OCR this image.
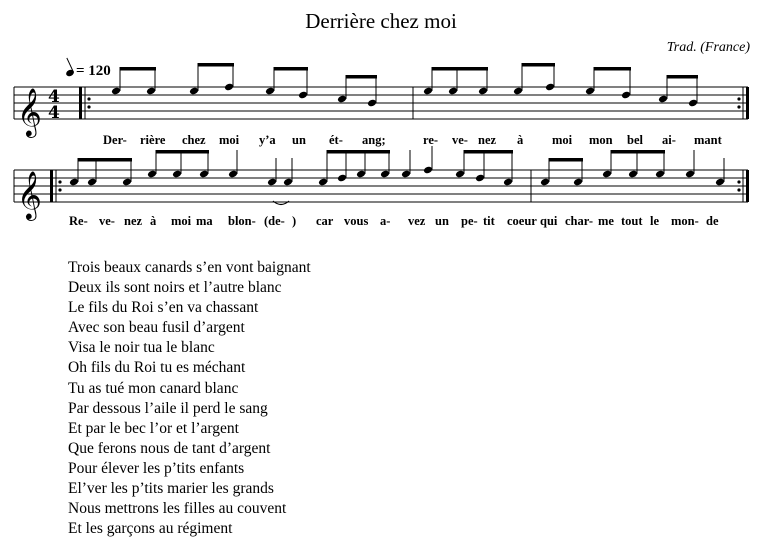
Derrière chez moi
Trad. (France)
= 120
𝄞 4
4
Der- rière chez moi y’a un ét- ang;	re- ve- nez à moi mon bel ai- mant
𝄞
Re- ve- nez à moi ma blon- (de- ) car vous a- vez un pe- tit coeur qui char- me tout le mon- de
Trois beaux canards s’en vont baignant
Deux ils sont noirs et l’autre blanc
Le fils du Roi s’en va chassant
Avec son beau fusil d’argent
Visa le noir tua le blanc
Oh fils du Roi tu es méchant
Tu as tué mon canard blanc
Par dessous l’aile il perd le sang
Et par le bec l’or et l’argent
Que ferons nous de tant d’argent
Pour élever les p’tits enfants
El’ver les p’tits marier les grands
Nous mettrons les filles au couvent
Et les garçons au régiment
